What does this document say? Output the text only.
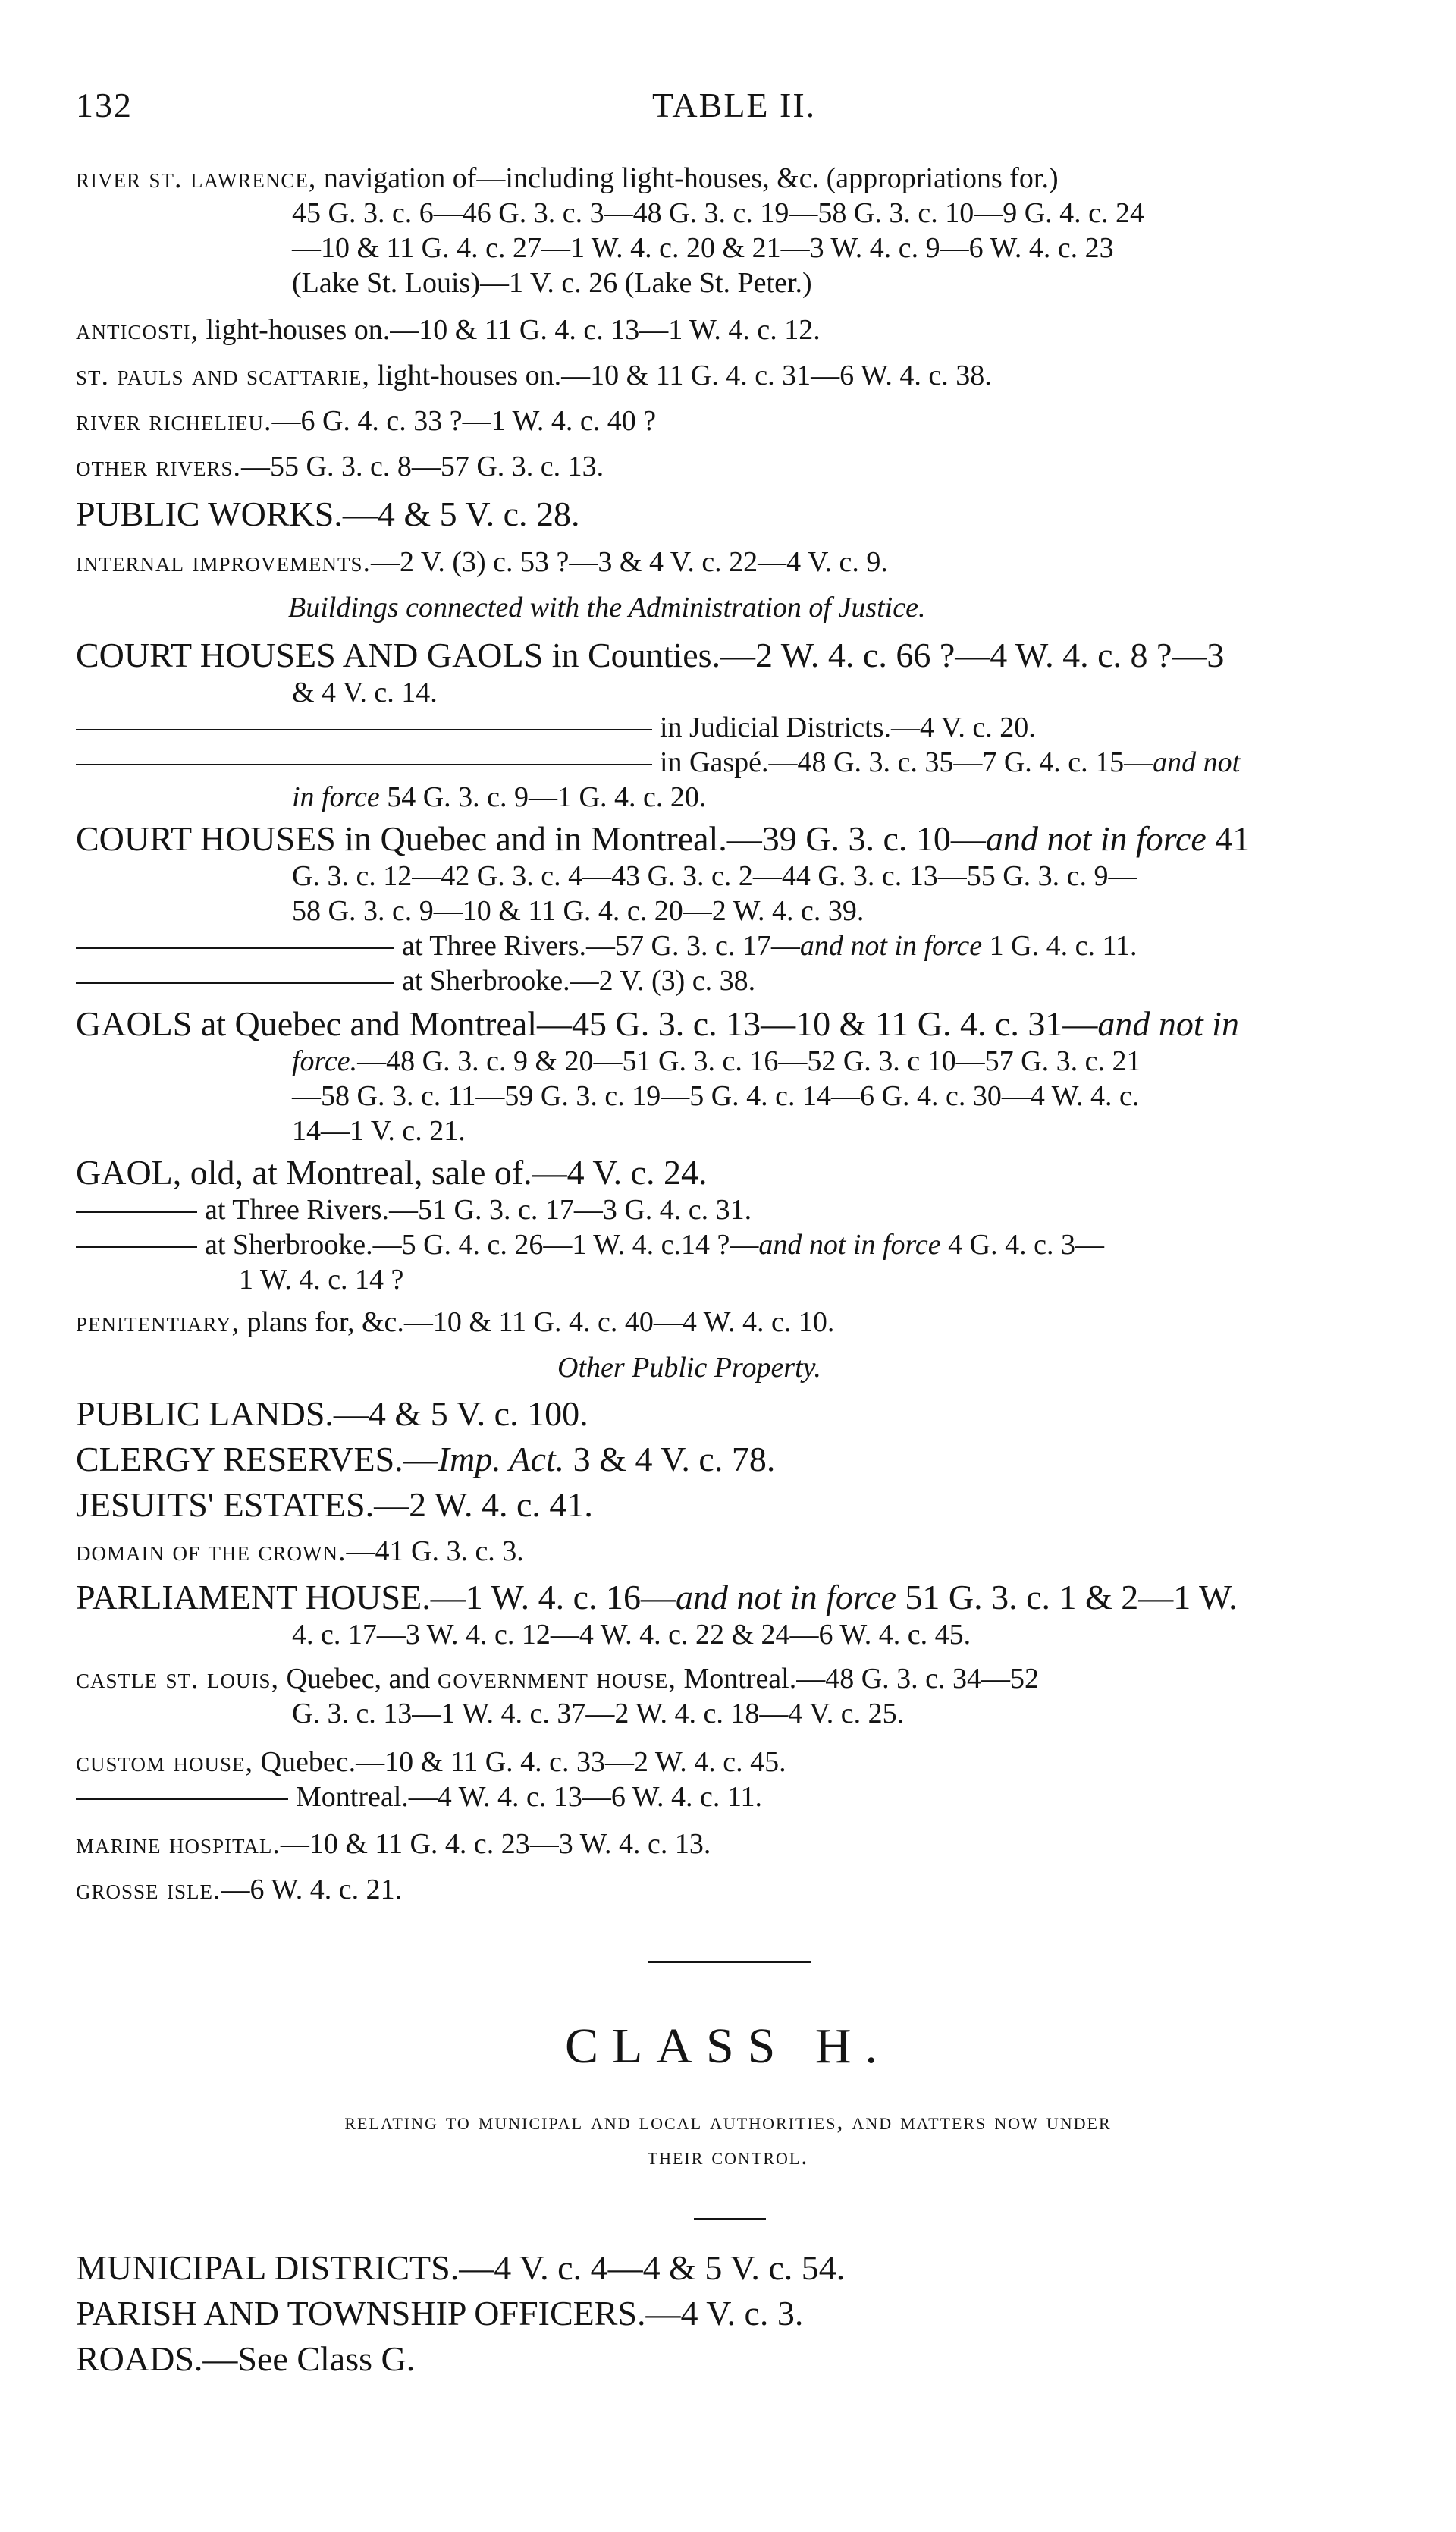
132	TABLE II.
river st. lawrence, navigation of—including light-houses, &c. (appropriations for.)
45 G. 3. c. 6—46 G. 3. c. 3—48 G. 3. c. 19—58 G. 3. c. 10—9 G. 4. c. 24
—10 & 11 G. 4. c. 27—1 W. 4. c. 20 & 21—3 W. 4. c. 9—6 W. 4. c. 23
(Lake St. Louis)—1 V. c. 26 (Lake St. Peter.)
anticosti, light-houses on.—10 & 11 G. 4. c. 13—1 W. 4. c. 12.
st. pauls and scattarie, light-houses on.—10 & 11 G. 4. c. 31—6 W. 4. c. 38.
river richelieu.—6 G. 4. c. 33 ?—1 W. 4. c. 40 ?
other rivers.—55 G. 3. c. 8—57 G. 3. c. 13.
PUBLIC WORKS.—4 & 5 V. c. 28.
internal improvements.—2 V. (3) c. 53 ?—3 & 4 V. c. 22—4 V. c. 9.
Buildings connected with the Administration of Justice.
COURT HOUSES AND GAOLS in Counties.—2 W. 4. c. 66 ?—4 W. 4. c. 8 ?—3
& 4 V. c. 14.
in Judicial Districts.—4 V. c. 20.
in Gaspé.—48 G. 3. c. 35—7 G. 4. c. 15—and not
in force 54 G. 3. c. 9—1 G. 4. c. 20.
COURT HOUSES in Quebec and in Montreal.—39 G. 3. c. 10—and not in force 41
G. 3. c. 12—42 G. 3. c. 4—43 G. 3. c. 2—44 G. 3. c. 13—55 G. 3. c. 9—
58 G. 3. c. 9—10 & 11 G. 4. c. 20—2 W. 4. c. 39.
at Three Rivers.—57 G. 3. c. 17—and not in force 1 G. 4. c. 11.
at Sherbrooke.—2 V. (3) c. 38.
GAOLS at Quebec and Montreal—45 G. 3. c. 13—10 & 11 G. 4. c. 31—and not in
force.—48 G. 3. c. 9 & 20—51 G. 3. c. 16—52 G. 3. c 10—57 G. 3. c. 21
—58 G. 3. c. 11—59 G. 3. c. 19—5 G. 4. c. 14—6 G. 4. c. 30—4 W. 4. c.
14—1 V. c. 21.
GAOL, old, at Montreal, sale of.—4 V. c. 24.
at Three Rivers.—51 G. 3. c. 17—3 G. 4. c. 31.
at Sherbrooke.—5 G. 4. c. 26—1 W. 4. c.14 ?—and not in force 4 G. 4. c. 3—
1 W. 4. c. 14 ?
penitentiary, plans for, &c.—10 & 11 G. 4. c. 40—4 W. 4. c. 10.
Other Public Property.
PUBLIC LANDS.—4 & 5 V. c. 100.
CLERGY RESERVES.—Imp. Act. 3 & 4 V. c. 78.
JESUITS' ESTATES.—2 W. 4. c. 41.
domain of the crown.—41 G. 3. c. 3.
PARLIAMENT HOUSE.—1 W. 4. c. 16—and not in force 51 G. 3. c. 1 & 2—1 W.
4. c. 17—3 W. 4. c. 12—4 W. 4. c. 22 & 24—6 W. 4. c. 45.
castle st. louis, Quebec, and government house, Montreal.—48 G. 3. c. 34—52
G. 3. c. 13—1 W. 4. c. 37—2 W. 4. c. 18—4 V. c. 25.
custom house, Quebec.—10 & 11 G. 4. c. 33—2 W. 4. c. 45.
Montreal.—4 W. 4. c. 13—6 W. 4. c. 11.
marine hospital.—10 & 11 G. 4. c. 23—3 W. 4. c. 13.
grosse isle.—6 W. 4. c. 21.
CLASS H.
relating to municipal and local authorities, and matters now under
their control.
MUNICIPAL DISTRICTS.—4 V. c. 4—4 & 5 V. c. 54.
PARISH AND TOWNSHIP OFFICERS.—4 V. c. 3.
ROADS.—See Class G.
